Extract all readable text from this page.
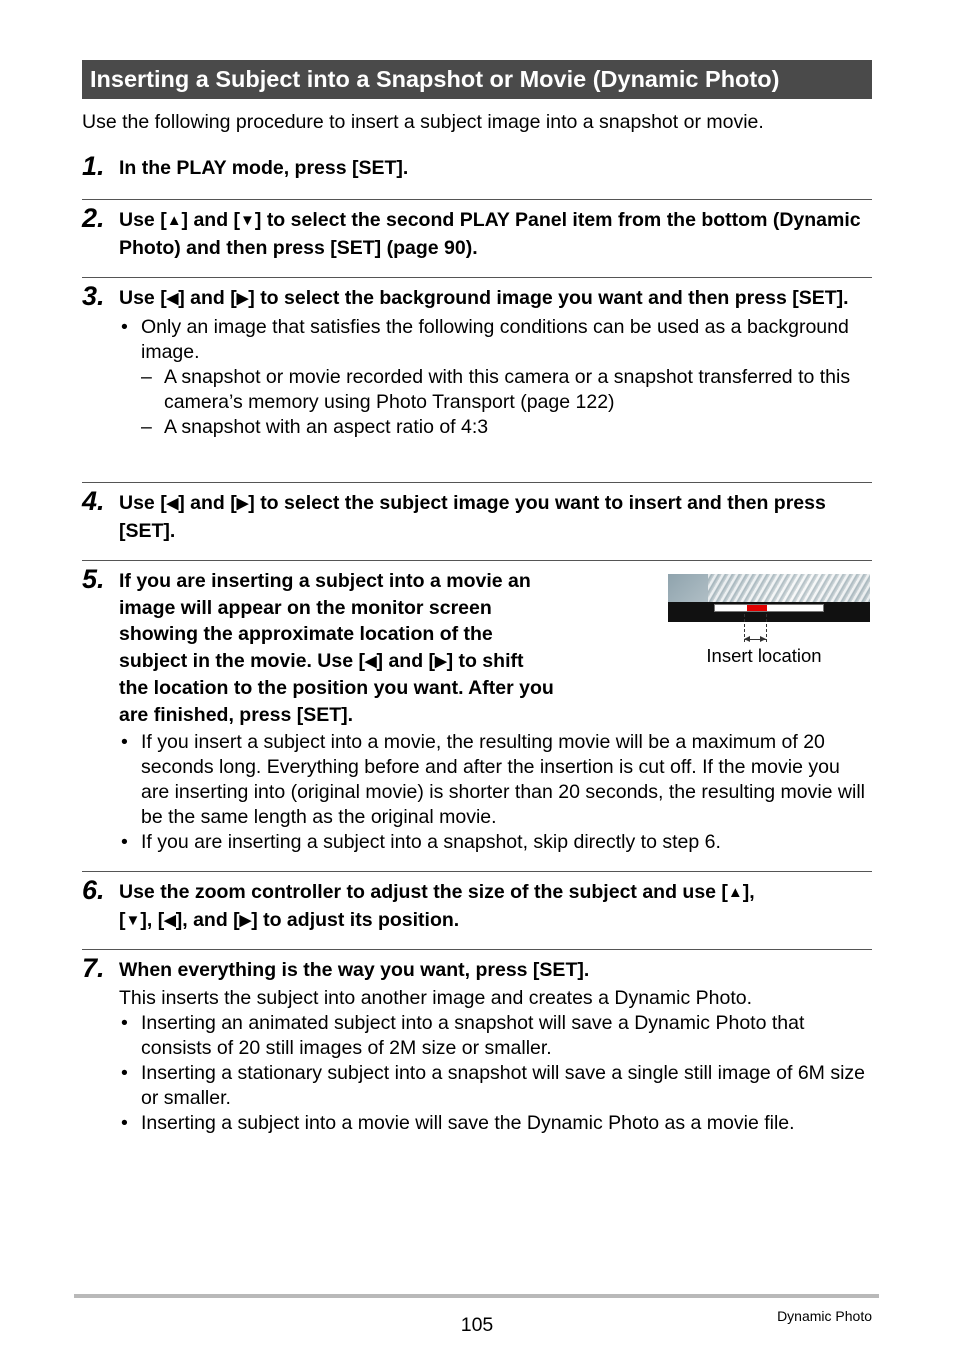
Inserting a Subject into a Snapshot or Movie (Dynamic Photo)
Use the following procedure to insert a subject image into a snapshot or movie.
1. In the PLAY mode, press [SET].
2. Use [▲] and [▼] to select the second PLAY Panel item from the bottom (Dynamic Photo) and then press [SET] (page 90).
3. Use [◀] and [▶] to select the background image you want and then press [SET].
• Only an image that satisfies the following conditions can be used as a background image.
– A snapshot or movie recorded with this camera or a snapshot transferred to this camera’s memory using Photo Transport (page 122)
– A snapshot with an aspect ratio of 4:3
4. Use [◀] and [▶] to select the subject image you want to insert and then press [SET].
5. If you are inserting a subject into a movie an
image will appear on the monitor screen
showing the approximate location of the
subject in the movie. Use [◀] and [▶] to shift
the location to the position you want. After you
are finished, press [SET].
• If you insert a subject into a movie, the resulting movie will be a maximum of 20 seconds long. Everything before and after the insertion is cut off. If the movie you are inserting into (original movie) is shorter than 20 seconds, the resulting movie will be the same length as the original movie.
• If you are inserting a subject into a snapshot, skip directly to step 6.
Insert location
6. Use the zoom controller to adjust the size of the subject and use [▲],
[▼], [◀], and [▶] to adjust its position.
7. When everything is the way you want, press [SET].
This inserts the subject into another image and creates a Dynamic Photo.
• Inserting an animated subject into a snapshot will save a Dynamic Photo that consists of 20 still images of 2M size or smaller.
• Inserting a stationary subject into a snapshot will save a single still image of 6M size or smaller.
• Inserting a subject into a movie will save the Dynamic Photo as a movie file.
105	Dynamic Photo
